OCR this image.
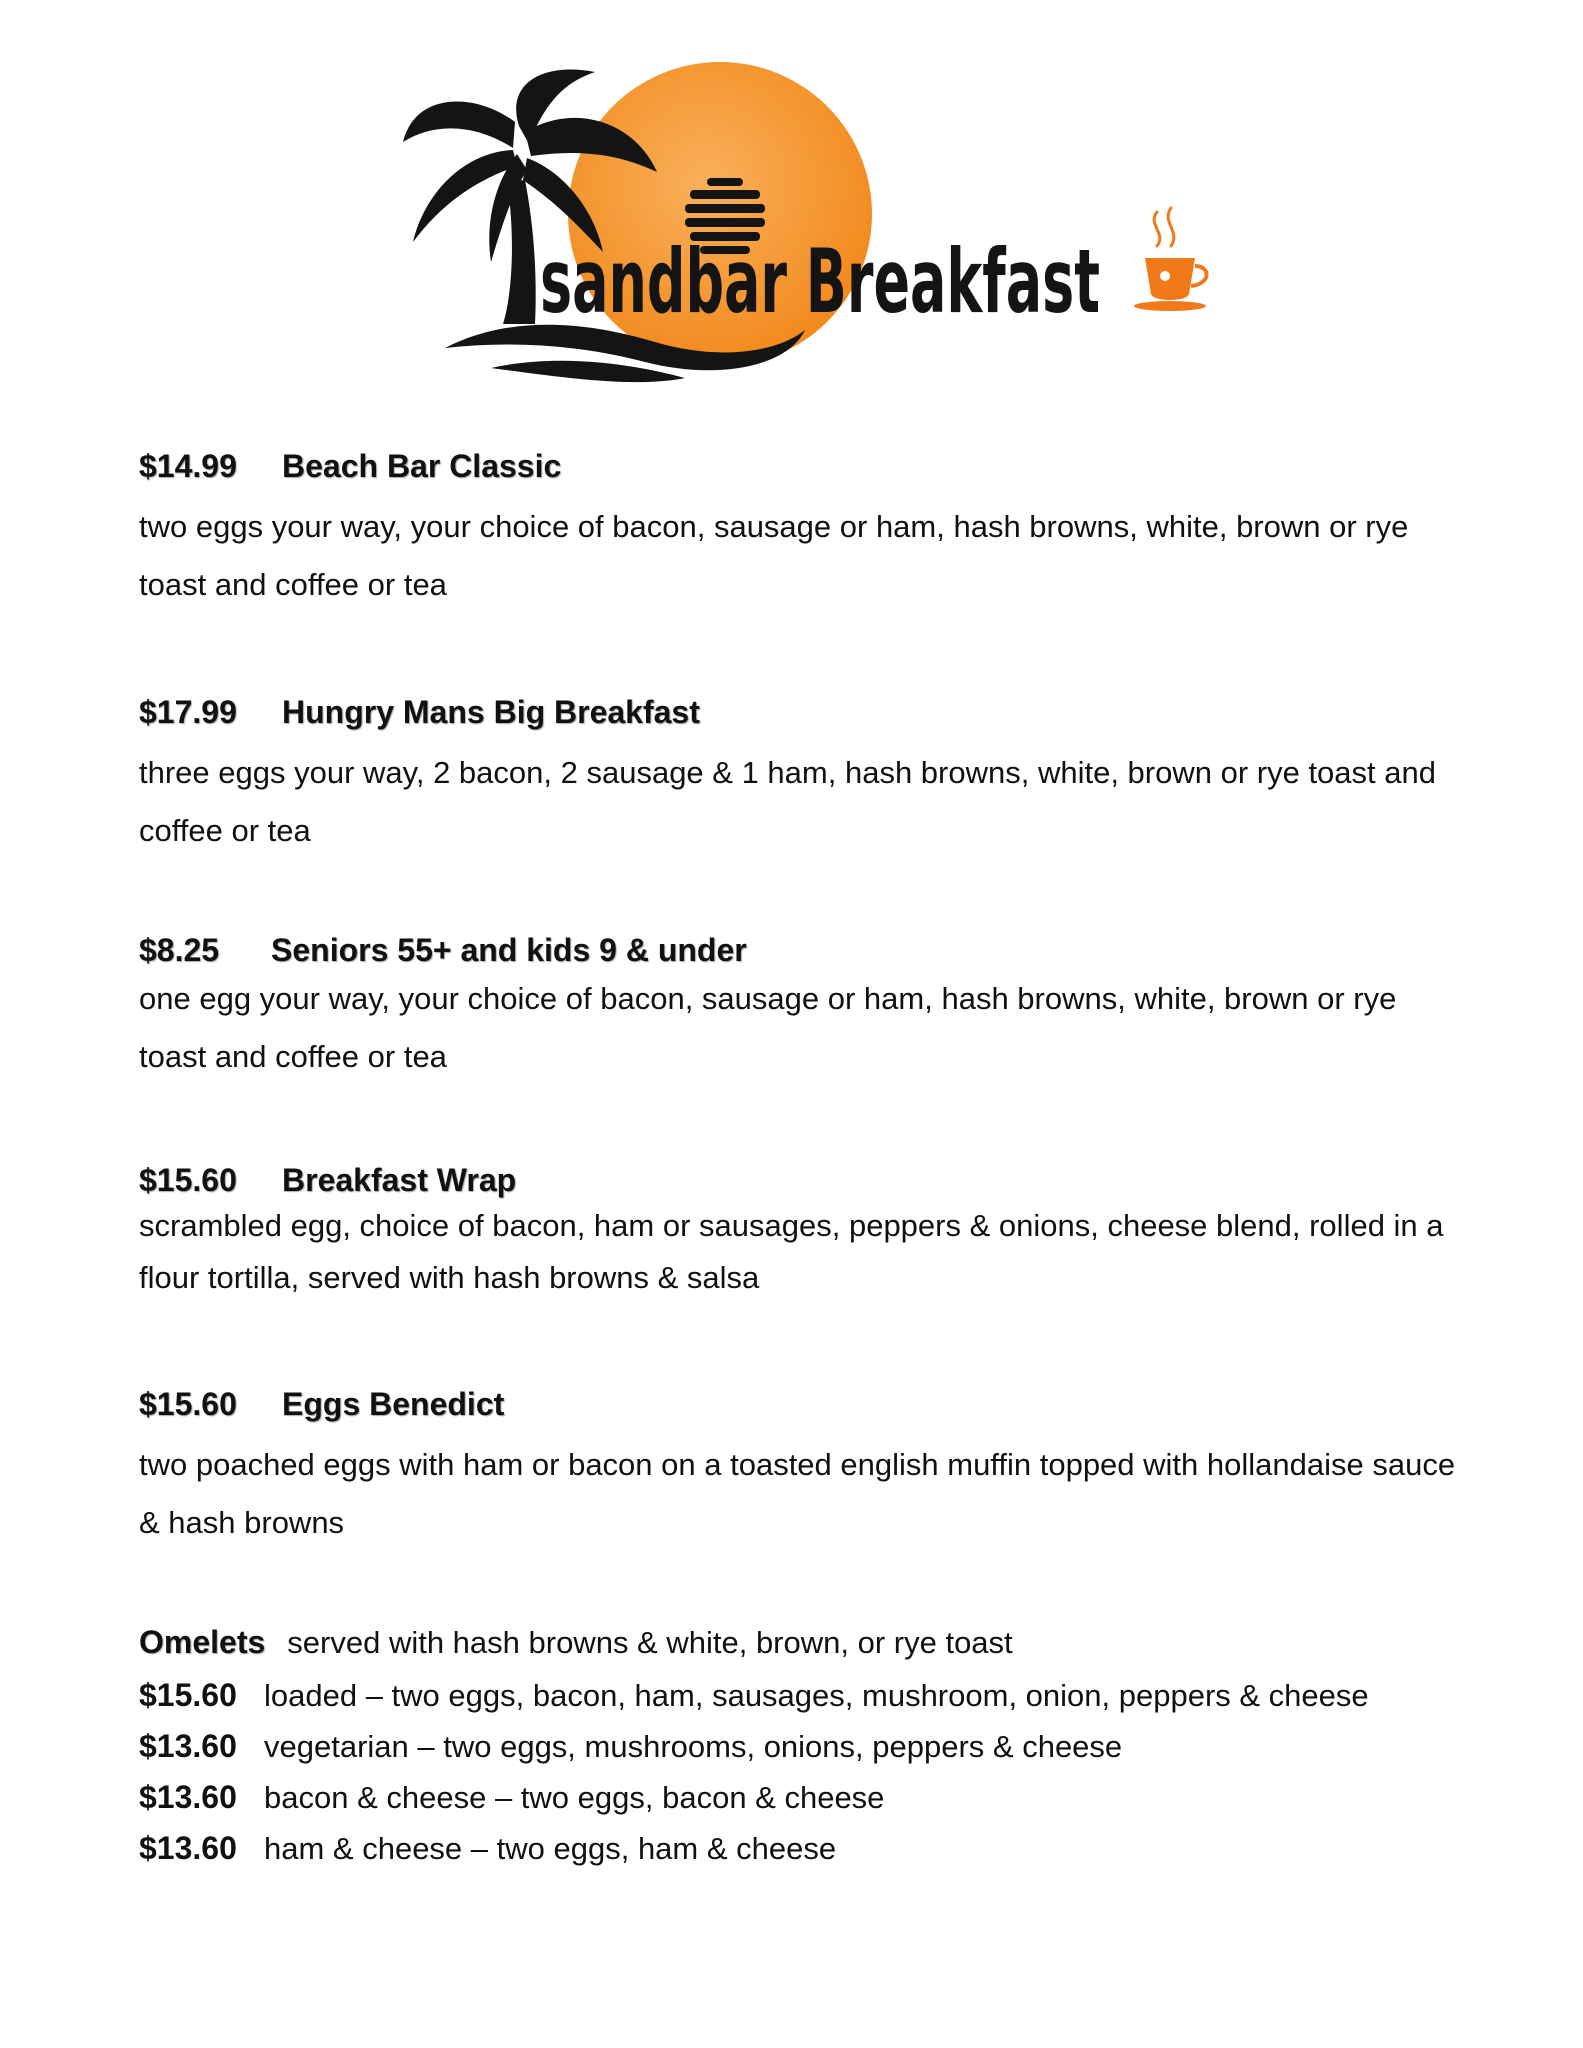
sandbar Breakfast
$14.99 Beach Bar Classic
two eggs your way, your choice of bacon, sausage or ham, hash browns, white, brown or rye toast and coffee or tea
$17.99 Hungry Mans Big Breakfast
three eggs your way, 2 bacon, 2 sausage & 1 ham, hash browns, white, brown or rye toast and coffee or tea
$8.25 Seniors 55+ and kids 9 & under
one egg your way, your choice of bacon, sausage or ham, hash browns, white, brown or rye toast and coffee or tea
$15.60 Breakfast Wrap
scrambled egg, choice of bacon, ham or sausages, peppers & onions, cheese blend, rolled in a flour tortilla, served with hash browns & salsa
$15.60 Eggs Benedict
two poached eggs with ham or bacon on a toasted english muffin topped with hollandaise sauce & hash browns
Omelets served with hash browns & white, brown, or rye toast
$15.60 loaded – two eggs, bacon, ham, sausages, mushroom, onion, peppers & cheese
$13.60 vegetarian – two eggs, mushrooms, onions, peppers & cheese
$13.60 bacon & cheese – two eggs, bacon & cheese
$13.60 ham & cheese – two eggs, ham & cheese
